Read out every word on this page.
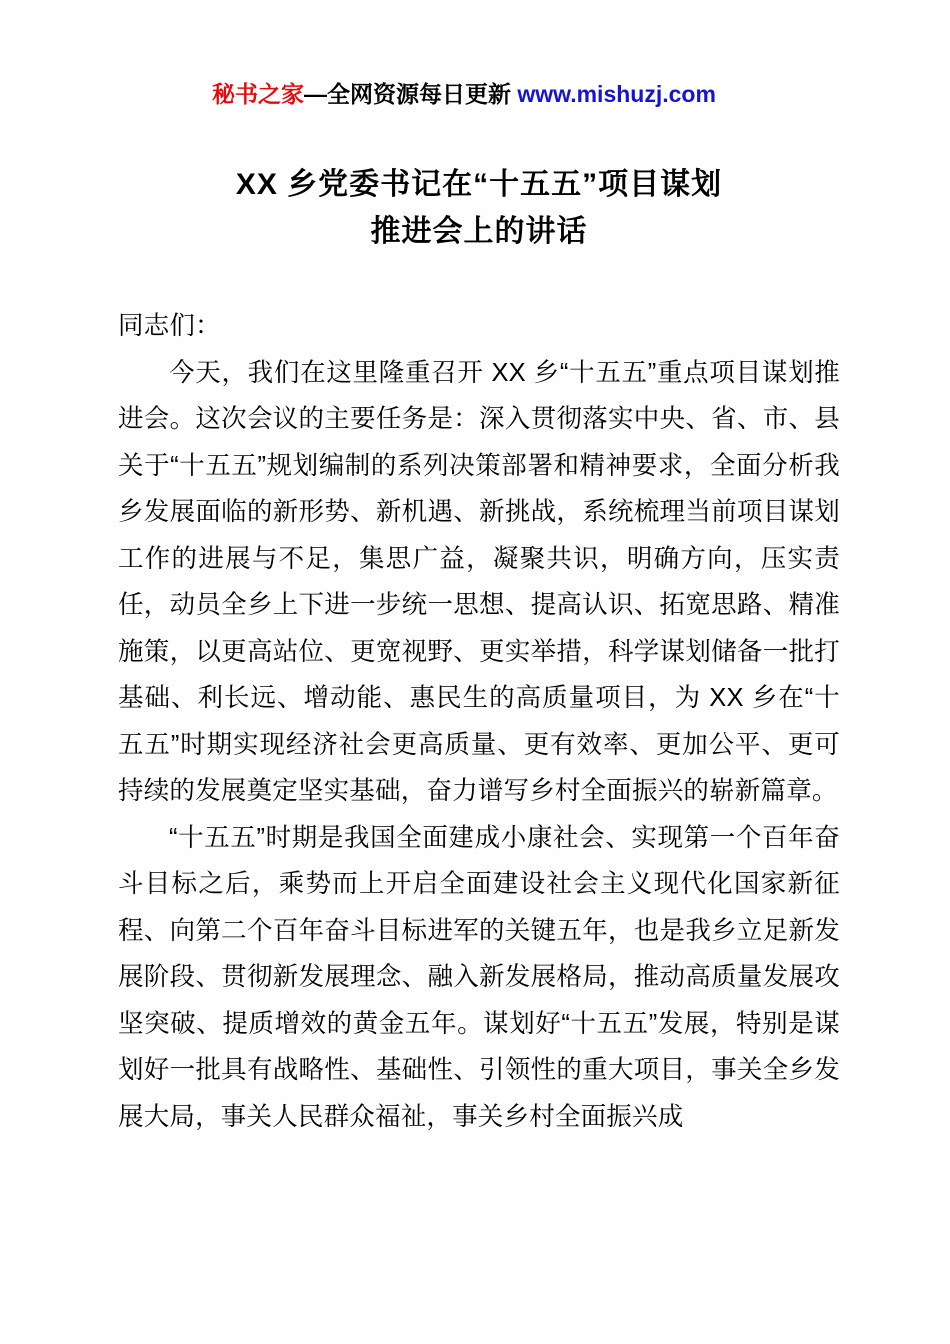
秘书之家—全网资源每日更新 www.mishuzj.com
XX 乡党委书记在“十五五”项目谋划
推进会上的讲话

同志们：

今天，我们在这里隆重召开 XX 乡“十五五”重点项目谋划推进会。这次会议的主要任务是：深入贯彻落实中央、省、市、县关于“十五五”规划编制的系列决策部署和精神要求，全面分析我乡发展面临的新形势、新机遇、新挑战，系统梳理当前项目谋划工作的进展与不足，集思广益，凝聚共识，明确方向，压实责任，动员全乡上下进一步统一思想、提高认识、拓宽思路、精准施策，以更高站位、更宽视野、更实举措，科学谋划储备一批打基础、利长远、增动能、惠民生的高质量项目，为 XX 乡在“十五五”时期实现经济社会更高质量、更有效率、更加公平、更可持续的发展奠定坚实基础，奋力谱写乡村全面振兴的崭新篇章。

“十五五”时期是我国全面建成小康社会、实现第一个百年奋斗目标之后，乘势而上开启全面建设社会主义现代化国家新征程、向第二个百年奋斗目标进军的关键五年，也是我乡立足新发展阶段、贯彻新发展理念、融入新发展格局，推动高质量发展攻坚突破、提质增效的黄金五年。谋划好“十五五”发展，特别是谋划好一批具有战略性、基础性、引领性的重大项目，事关全乡发展大局，事关人民群众福祉，事关乡村全面振兴成
